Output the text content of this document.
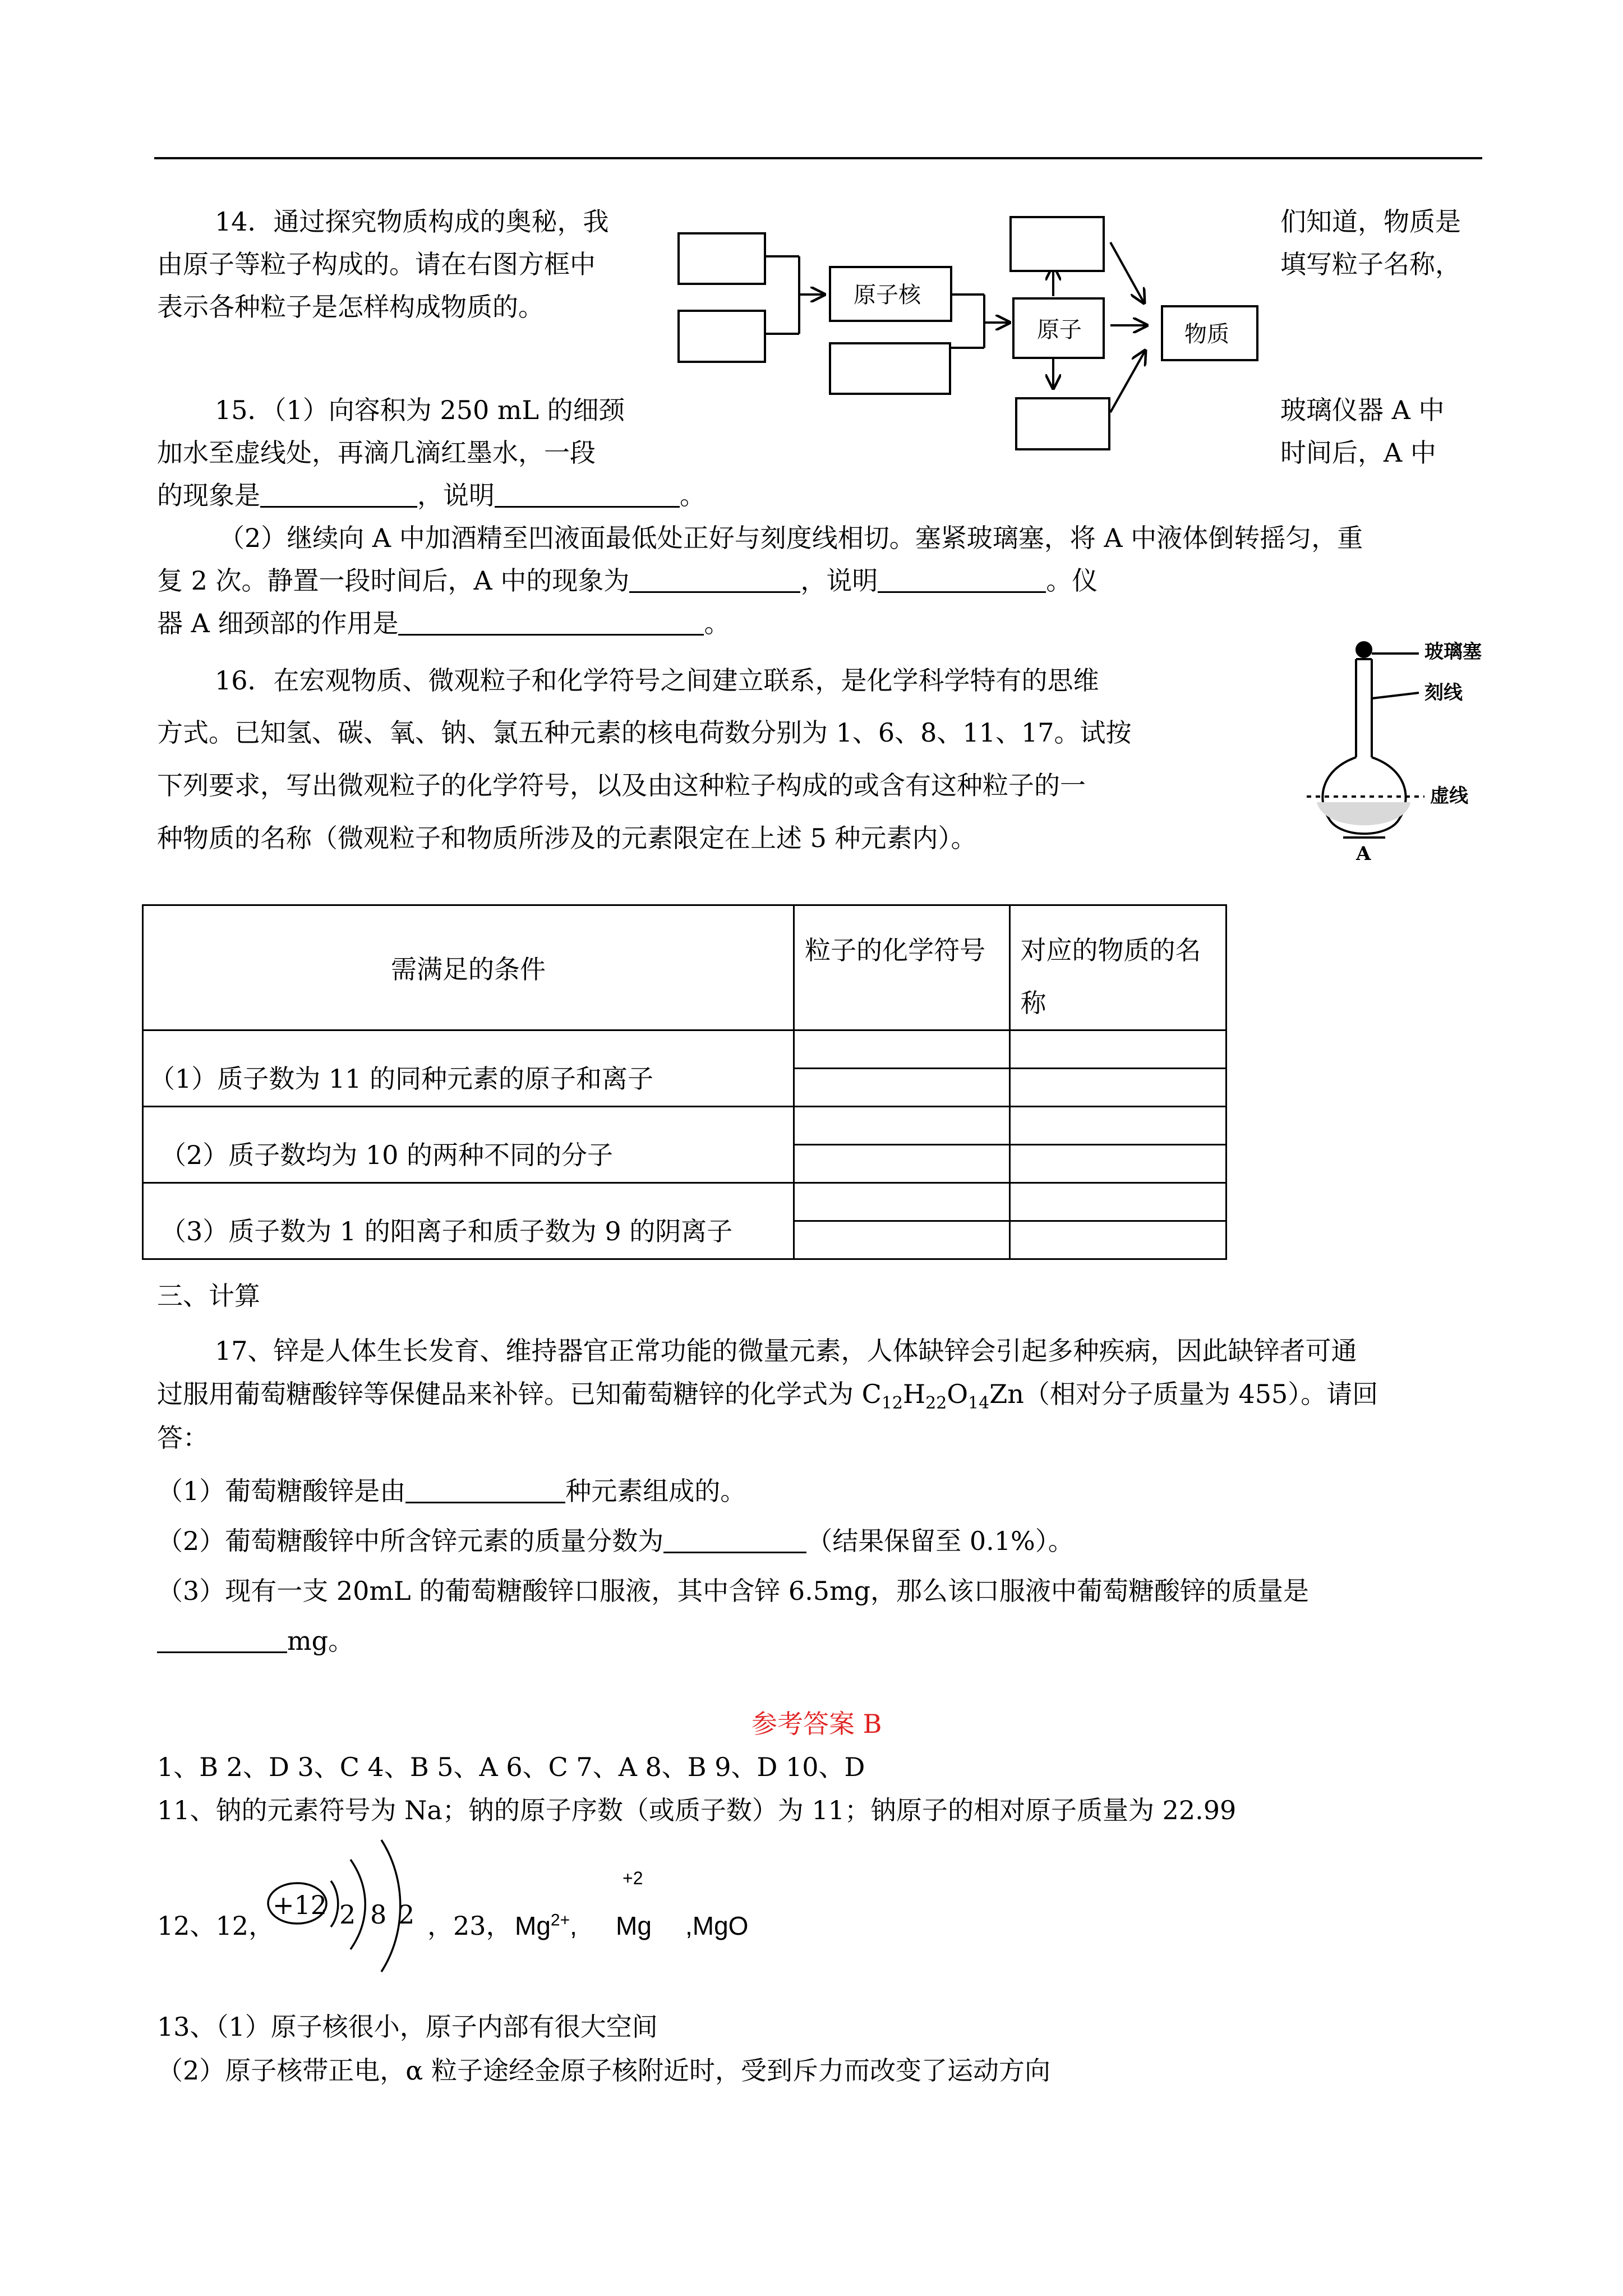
14．通过探究物质构成的奥秘，我	们知道，物质是
由原子等粒子构成的。请在右图方框中	填写粒子名称，
表示各种粒子是怎样构成物质的。	原子核
原子	物质
15．（1）向容积为 250 mL 的细颈	玻璃仪器 A 中
加水至虚线处，再滴几滴红墨水，一段	时间后，A 中
的现象是	，说明	。
（2）继续向 A 中加酒精至凹液面最低处正好与刻度线相切。塞紧玻璃塞，将 A 中液体倒转摇匀，重
复 2 次。静置一段时间后，A 中的现象为	，说明	。仪
器 A 细颈部的作用是	。
玻璃塞
刻线
虚线
A
16．在宏观物质、微观粒子和化学符号之间建立联系，是化学科学特有的思维
方式。已知氢、碳、氧、钠、氯五种元素的核电荷数分别为 1、6、8、11、17。试按
下列要求，写出微观粒子的化学符号，以及由这种粒子构成的或含有这种粒子的一
种物质的名称（微观粒子和物质所涉及的元素限定在上述 5 种元素内）。
需满足的条件	粒子的化学符号	对应的物质的名称
（1）质子数为 11 的同种元素的原子和离子		

（2）质子数均为 10 的两种不同的分子		

（3）质子数为 1 的阳离子和质子数为 9 的阴离子		

三、计算
17、锌是人体生长发育、维持器官正常功能的微量元素，人体缺锌会引起多种疾病，因此缺锌者可通
过服用葡萄糖酸锌等保健品来补锌。已知葡萄糖锌的化学式为 $C_{12}H_{22}O_{14}Zn$（相对分子质量为 455）。请回
答：
（1）葡萄糖酸锌是由	种元素组成的。
（2）葡萄糖酸锌中所含锌元素的质量分数为	（结果保留至 0.1%）。
（3）现有一支 20mL 的葡萄糖酸锌口服液，其中含锌 6.5mg，那么该口服液中葡萄糖酸锌的质量是
mg。
参考答案 B
1、B 2、D 3、C 4、B 5、A 6、C 7、A 8、B 9、D 10、D
11、钠的元素符号为 Na；钠的原子序数（或质子数）为 11；钠原子的相对原子质量为 22.99
12、12，
+12 2 8 2 ，23， $Mg^{2+}$,
+2
Mg ,MgO
13、（1）原子核很小，原子内部有很大空间
（2）原子核带正电，α 粒子途经金原子核附近时，受到斥力而改变了运动方向
